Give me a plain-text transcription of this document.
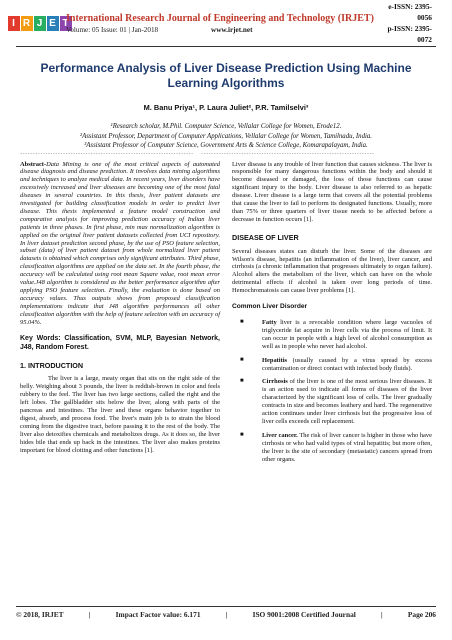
I R J E T
International Research Journal of Engineering and Technology (IRJET)
Volume: 05 Issue: 01 | Jan-2018	www.irjet.net
e-ISSN: 2395-0056
p-ISSN: 2395-0072
Performance Analysis of Liver Disease Prediction Using Machine Learning Algorithms
M. Banu Priya¹, P. Laura Juliet², P.R. Tamilselvi³
¹Research scholar, M.Phil. Computer Science, Vellalar College for Women, Erode12.
²Assistant Professor, Department of Computer Applications, Vellalar College for Women, Tamilnadu, India.
³Assistant Professor of Computer Science, Government Arts & Science College, Komarapalayam, India.
---------------------------------------------------------------------***---------------------------------------------------------------------
Abstract-Data Mining is one of the most critical aspects of automated disease diagnosis and disease prediction. It involves data mining algorithms and techniques to analyze medical data. In recent years, liver disorders have excessively increased and liver diseases are becoming one of the most fatal diseases in several countries. In this thesis, liver patient datasets are investigated for building classification models in order to predict liver disease. This thesis implemented a feature model construction and comparative analysis for improving prediction accuracy of Indian liver patients in three phases. In first phase, min max normalization algorithm is applied on the original liver patient datasets collected from UCI repository. In liver dataset prediction second phase, by the use of PSO feature selection, subset (data) of liver patient dataset from whole normalized liver patient datasets is obtained which comprises only significant attributes. Third phase, classification algorithms are applied on the data set. In the fourth phase, the accuracy will be calculated using root mean Square value, root mean error value.J48 algorithm is considered as the better performance algorithm after applying PSO feature selection. Finally, the evaluation is done based on accuracy values. Thus outputs shows from proposed classification implementations indicate that J48 algorithm performances all other classification algorithm with the help of feature selection with an accuracy of 95.04%.
Key Words: Classification, SVM, MLP, Bayesian Network, J48, Random Forest.
1. INTRODUCTION
The liver is a large, meaty organ that sits on the right side of the belly. Weighing about 3 pounds, the liver is reddish-brown in color and feels rubbery to the feel. The liver has two large sections, called the right and the left lobes. The gallbladder sits below the liver, along with parts of the pancreas and intestines. The liver and these organs behavior together to digest, absorb, and process food. The liver's main job is to strain the blood coming from the digestive tract, before passing it to the rest of the body. The liver also detoxifies chemicals and metabolizes drugs. As it does so, the liver hides bile that ends up back in the intestines. The liver also makes proteins important for blood clotting and other functions [1].
Liver disease is any trouble of liver function that causes sickness. The liver is responsible for many dangerous functions within the body and should it become diseased or damaged, the loss of those functions can cause significant injury to the body. Liver disease is also referred to as hepatic disease. Liver disease is a large term that covers all the potential problems that cause the liver to fail to perform its designated functions. Usually, more than 75% or three quarters of liver tissue needs to be affected before a decrease in function occurs [1].
DISEASE OF LIVER
Several diseases states can disturb the liver. Some of the diseases are Wilson's disease, hepatitis (an inflammation of the liver), liver cancer, and cirrhosis (a chronic inflammation that progresses ultimately to organ failure). Alcohol alters the metabolism of the liver, which can have on the whole detrimental effects if alcohol is taken over long periods of time. Hemochromatosis can cause liver problems [1].
Common Liver Disorder
■	Fatty liver is a revocable condition where large vacuoles of triglyceride fat acquire in liver cells via the process of limit. It can occur in people with a high level of alcohol consumption as well as in people who never had alcohol.
■	Hepatitis (usually caused by a virus spread by excess contamination or direct contact with infected body fluids).
■	Cirrhosis of the liver is one of the most serious liver diseases. It is an action used to indicate all forms of diseases of the liver characterized by the significant loss of cells. The liver gradually contracts in size and becomes leathery and hard. The regenerative action continues under liver cirrhosis but the progressive loss of liver cells exceeds cell replacement.
■	Liver cancer. The risk of liver cancer is higher in those who have cirrhosis or who had valid types of viral hepatitis; but more often, the liver is the site of secondary (metastatic) cancers spread from other organs.
© 2018, IRJET	|	Impact Factor value: 6.171	|	ISO 9001:2008 Certified Journal	|	Page 206
